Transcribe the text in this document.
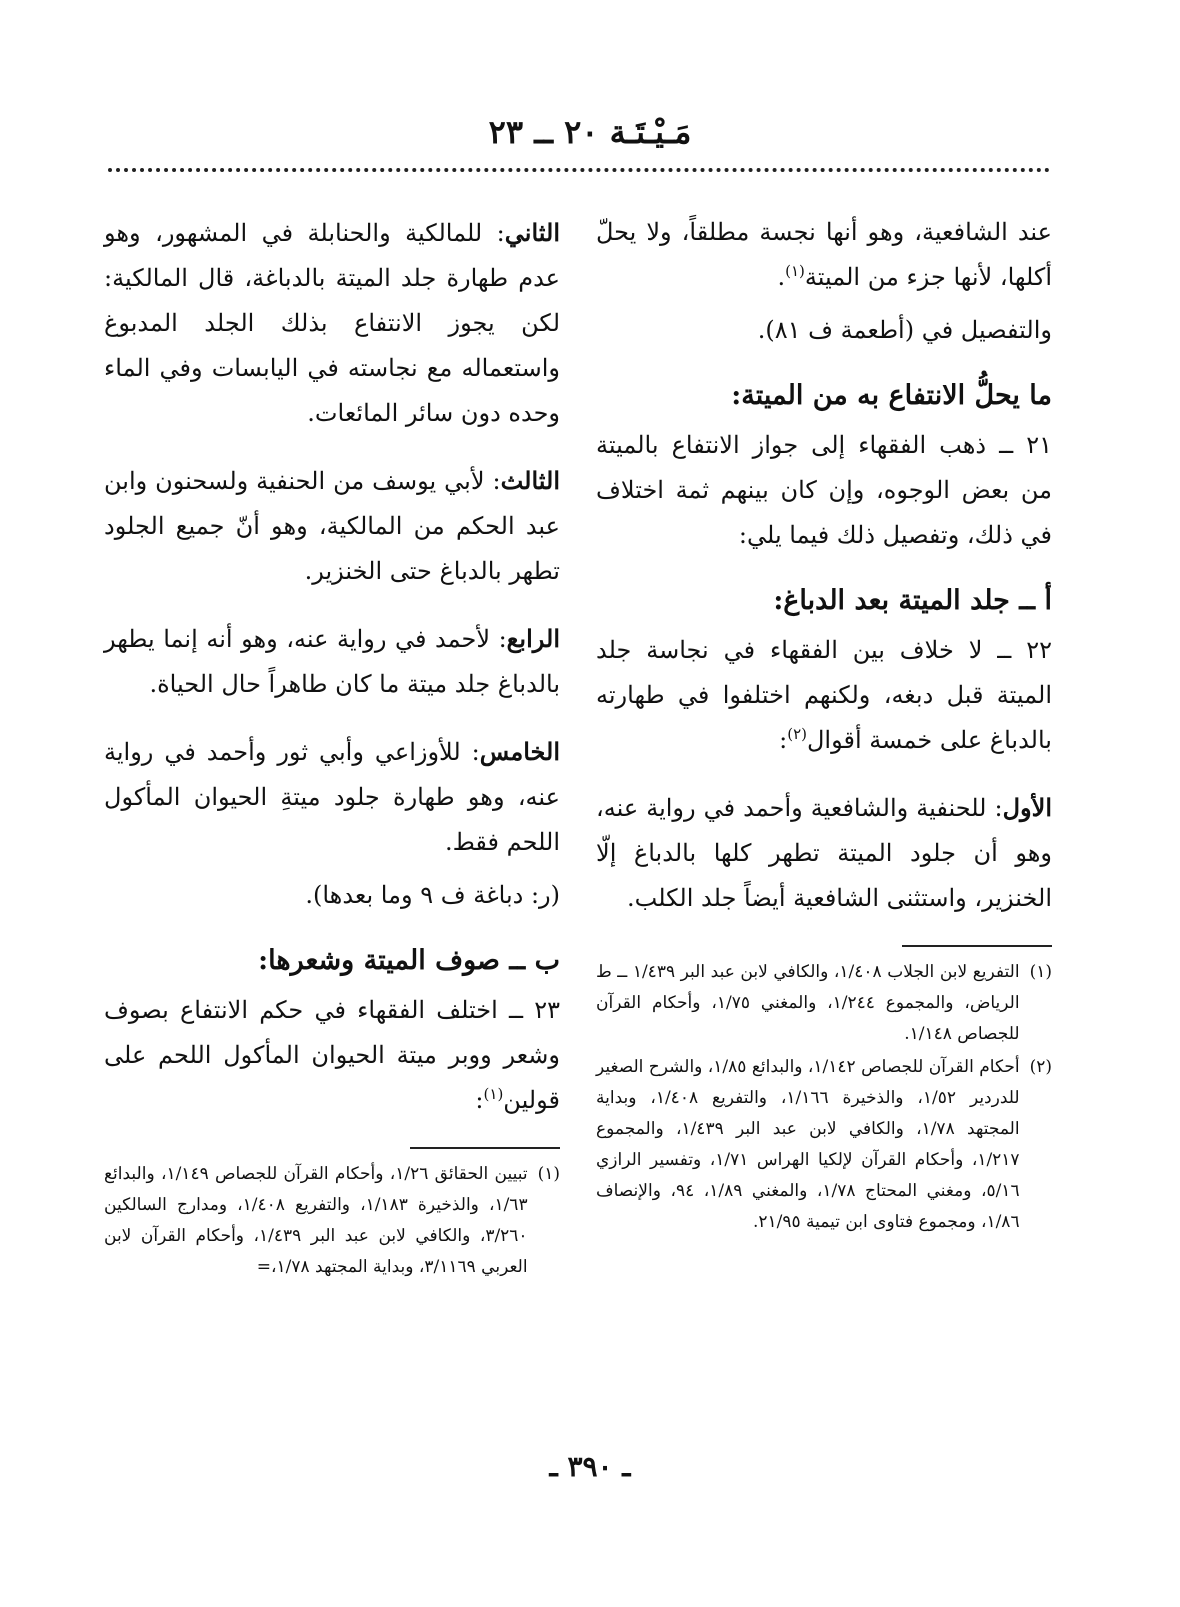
مَـيْـتَـة ٢٠ ــ ٢٣

عند الشافعية، وهو أنها نجسة مطلقاً، ولا يحلّ أكلها، لأنها جزء من الميتة$^{(١)}$.

والتفصيل في (أطعمة ف ٨١).

ما يحلُّ الانتفاع به من الميتة:

٢١ ــ ذهب الفقهاء إلى جواز الانتفاع بالميتة من بعض الوجوه، وإن كان بينهم ثمة اختلاف في ذلك، وتفصيل ذلك فيما يلي:

أ ــ جلد الميتة بعد الدباغ:

٢٢ ــ لا خلاف بين الفقهاء في نجاسة جلد الميتة قبل دبغه، ولكنهم اختلفوا في طهارته بالدباغ على خمسة أقوال$^{(٢)}$:

الأول: للحنفية والشافعية وأحمد في رواية عنه، وهو أن جلود الميتة تطهر كلها بالدباغ إلّا الخنزير، واستثنى الشافعية أيضاً جلد الكلب.

(١)
التفريع لابن الجلاب ١/٤٠٨، والكافي لابن عبد البر ١/٤٣٩ ــ ط الرياض، والمجموع ١/٢٤٤، والمغني ١/٧٥، وأحكام القرآن للجصاص ١/١٤٨.
(٢)
أحكام القرآن للجصاص ١/١٤٢، والبدائع ١/٨٥، والشرح الصغير للدردير ١/٥٢، والذخيرة ١/١٦٦، والتفريع ١/٤٠٨، وبداية المجتهد ١/٧٨، والكافي لابن عبد البر ١/٤٣٩، والمجموع ١/٢١٧، وأحكام القرآن لإلكيا الهراس ١/٧١، وتفسير الرازي ٥/١٦، ومغني المحتاج ١/٧٨، والمغني ١/٨٩، ٩٤، والإنصاف ١/٨٦، ومجموع فتاوى ابن تيمية ٢١/٩٥.

الثاني: للمالكية والحنابلة في المشهور، وهو عدم طهارة جلد الميتة بالدباغة، قال المالكية: لكن يجوز الانتفاع بذلك الجلد المدبوغ واستعماله مع نجاسته في اليابسات وفي الماء وحده دون سائر المائعات.

الثالث: لأبي يوسف من الحنفية ولسحنون وابن عبد الحكم من المالكية، وهو أنّ جميع الجلود تطهر بالدباغ حتى الخنزير.

الرابع: لأحمد في رواية عنه، وهو أنه إنما يطهر بالدباغ جلد ميتة ما كان طاهراً حال الحياة.

الخامس: للأوزاعي وأبي ثور وأحمد في رواية عنه، وهو طهارة جلود ميتةِ الحيوان المأكول اللحم فقط.

(ر: دباغة ف ٩ وما بعدها).

ب ــ صوف الميتة وشعرها:

٢٣ ــ اختلف الفقهاء في حكم الانتفاع بصوف وشعر ووبر ميتة الحيوان المأكول اللحم على قولين$^{(١)}$:

(١)
تبيين الحقائق ١/٢٦، وأحكام القرآن للجصاص ١/١٤٩، والبدائع ١/٦٣، والذخيرة ١/١٨٣، والتفريع ١/٤٠٨، ومدارج السالكين ٣/٢٦٠، والكافي لابن عبد البر ١/٤٣٩، وأحكام القرآن لابن العربي ٣/١١٦٩، وبداية المجتهد ١/٧٨،=
ـ ٣٩٠ ـ
